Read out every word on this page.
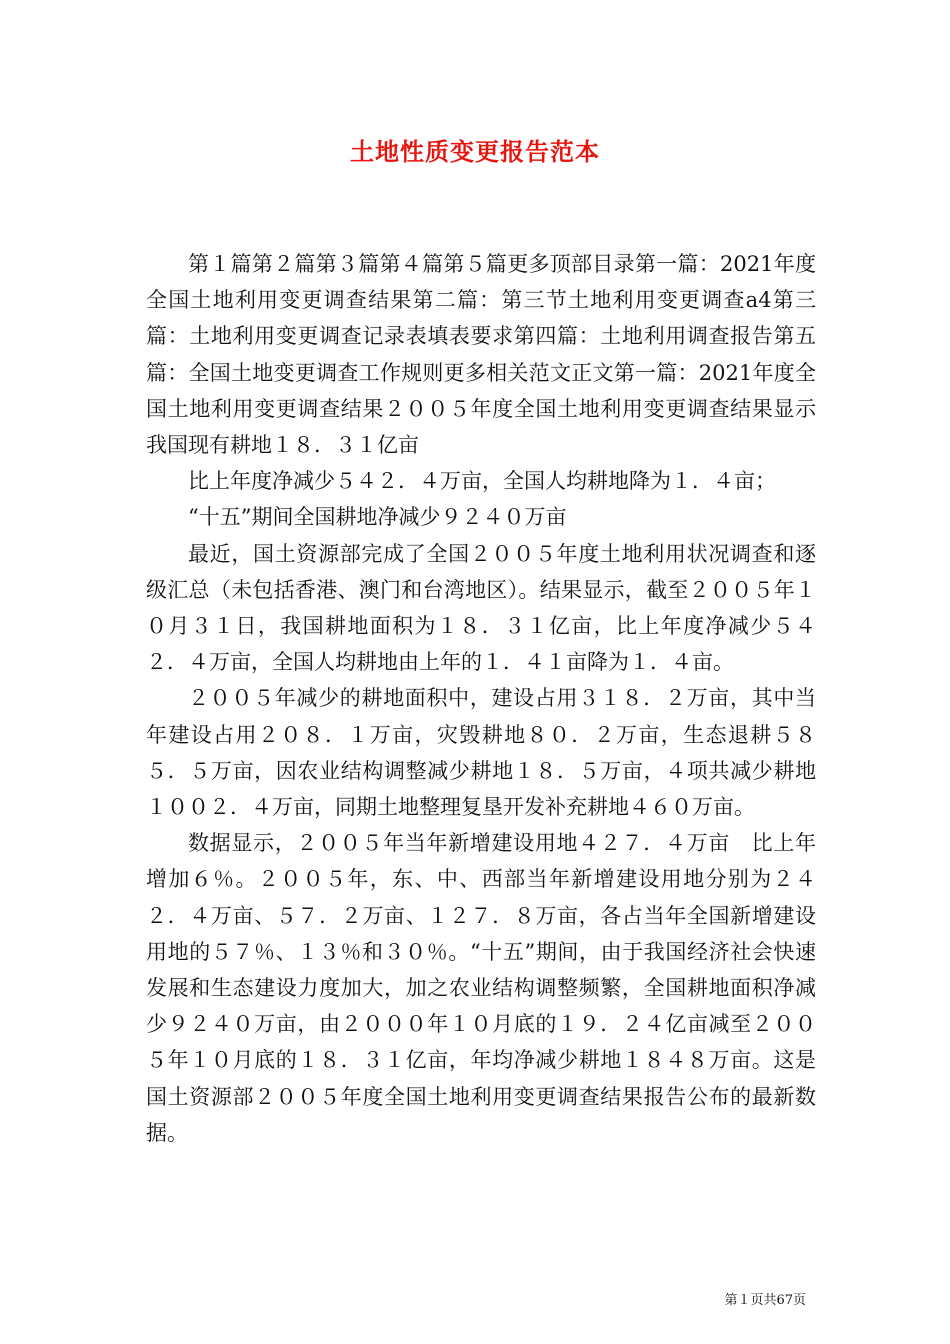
土地性质变更报告范本

第１篇第２篇第３篇第４篇第５篇更多顶部目录第一篇：2021年度全国土地利用变更调查结果第二篇：第三节土地利用变更调查a4第三篇：土地利用变更调查记录表填表要求第四篇：土地利用调查报告第五篇：全国土地变更调查工作规则更多相关范文正文第一篇：2021年度全国土地利用变更调查结果２００５年度全国土地利用变更调查结果显示我国现有耕地１８．３１亿亩

比上年度净减少５４２．４万亩，全国人均耕地降为１．４亩；

“十五”期间全国耕地净减少９２４０万亩

最近，国土资源部完成了全国２００５年度土地利用状况调查和逐级汇总（未包括香港、澳门和台湾地区）。结果显示，截至２００５年１０月３１日，我国耕地面积为１８．３１亿亩，比上年度净减少５４２．４万亩，全国人均耕地由上年的１．４１亩降为１．４亩。

２００５年减少的耕地面积中，建设占用３１８．２万亩，其中当年建设占用２０８．１万亩，灾毁耕地８０．２万亩，生态退耕５８５．５万亩，因农业结构调整减少耕地１８．５万亩，４项共减少耕地１００２．４万亩，同期土地整理复垦开发补充耕地４６０万亩。

数据显示，２００５年当年新增建设用地４２７．４万亩　比上年增加６％。２００５年，东、中、西部当年新增建设用地分别为２４２．４万亩、５７．２万亩、１２７．８万亩，各占当年全国新增建设用地的５７％、１３％和３０％。“十五”期间，由于我国经济社会快速发展和生态建设力度加大，加之农业结构调整频繁，全国耕地面积净减少９２４０万亩，由２０００年１０月底的１９．２４亿亩减至２００５年１０月底的１８．３１亿亩，年均净减少耕地１８４８万亩。这是国土资源部２００５年度全国土地利用变更调查结果报告公布的最新数据。

第１页共67页
